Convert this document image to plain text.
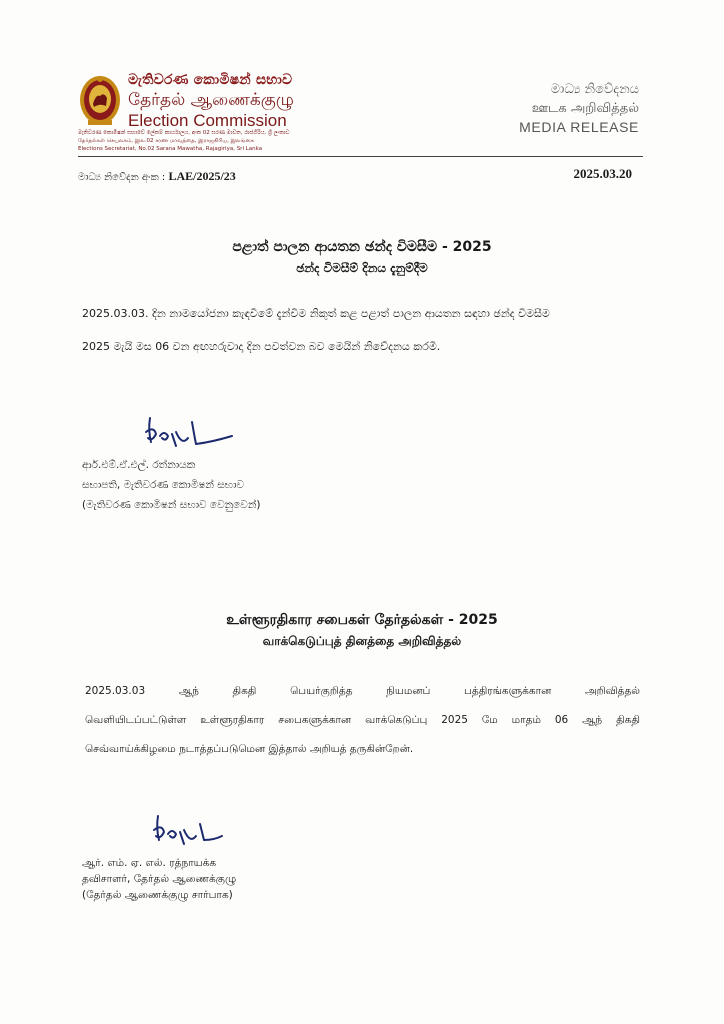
මැතිවරණ කොමිෂන් සභාව
தேர்தல் ஆணைக்குழு
Election Commission
මැතිවරණ කොමිෂන් සභාවේ ලේකම් කාර්යාලය, අංක 02 සරණ මාවත, රාජගිරිය, ශ්‍රී ලංකාව
தேர்தல்கள் செயலகம், இல.02 சரண மாவத்தை, இராஜகிரிய, இலங்கை
Elections Secretariat, No.02 Sarana Mawatha, Rajagiriya, Sri Lanka
මාධ්‍ය නිවේදනය
ஊடக அறிவித்தல்
MEDIA RELEASE
මාධ්‍ය නිවේදන අංක : LAE/2025/23	2025.03.20
පළාත් පාලන ආයතන ඡන්ද විමසීම - 2025
ඡන්ද විමසීම් දිනය දැනුම්දීම
2025.03.03. දින නාමයෝජනා කැඳවීමේ දැන්වීම නිකුත් කළ පළාත් පාලන ආයතන සඳහා ඡන්ද විමසීම
2025 මැයි මස 06 වන අඟහරුවාදා දින පවත්වන බව මෙයින් නිවේදනය කරමි.
ආර්.එම්.ඒ.එල්. රත්නායක
සභාපති, මැතිවරණ කොමිෂන් සභාව
(මැතිවරණ කොමිෂන් සභාව වෙනුවෙන්)
உள்ளூரதிகார சபைகள் தேர்தல்கள் - 2025
வாக்கெடுப்புத் தினத்தை அறிவித்தல்
2025.03.03 ஆந் திகதி பெயர்குறித்த நியமனப் பத்திரங்களுக்கான அறிவித்தல்
வெளியிடப்பட்டுள்ள உள்ளூரதிகார சபைகளுக்கான வாக்கெடுப்பு 2025 மே மாதம் 06 ஆந் திகதி
செவ்வாய்க்கிழமை நடாத்தப்படுமென இத்தால் அறியத் தருகின்றேன்.
ஆர். எம். ஏ. எல். ரத்நாயக்க
தவிசாளர், தேர்தல் ஆணைக்குழு
(தேர்தல் ஆணைக்குழு சார்பாக)
